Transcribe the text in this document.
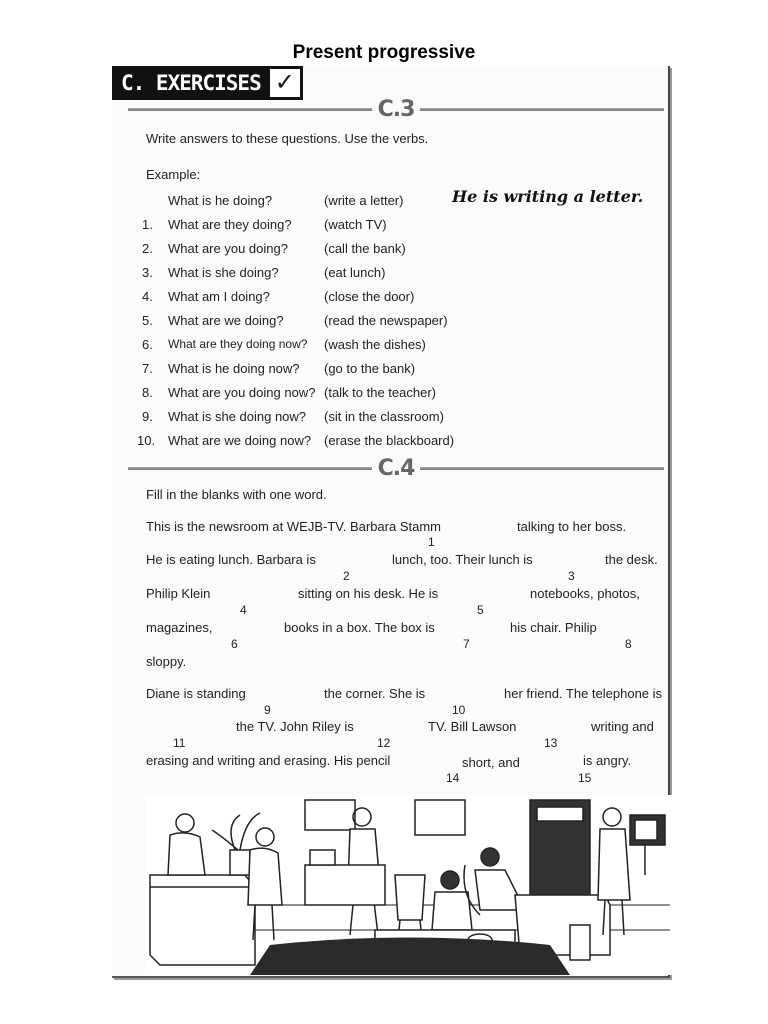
Present progressive
C. EXERCISES ✓
C.3
Write answers to these questions. Use the verbs.
Example:
What is he doing?	(write a letter)	He is writing a letter.
1. What are they doing? (watch TV)
2. What are you doing?	(call the bank)
3. What is she doing?	(eat lunch)
4. What am I doing?	(close the door)
5. What are we doing?	(read the newspaper)
6. What are they doing now? (wash the dishes)
7. What is he doing now? (go to the bank)
8. What are you doing now? (talk to the teacher)
9. What is she doing now? (sit in the classroom)
10. What are we doing now? (erase the blackboard)
C.4
Fill in the blanks with one word.
This is the newsroom at WEJB-TV. Barbara Stamm	talking to her boss.
1
He is eating lunch. Barbara is	lunch, too. Their lunch is	the desk.
2	3
Philip Klein	sitting on his desk. He is	notebooks, photos,
4	5
magazines,	books in a box. The box is	his chair. Philip
6	7	8
sloppy.
Diane is standing	the corner. She is	her friend. The telephone is
9	10
the TV. John Riley is	TV. Bill Lawson	writing and
11	12	13
erasing and writing and erasing. His pencil	short, and	is angry.
14	15
